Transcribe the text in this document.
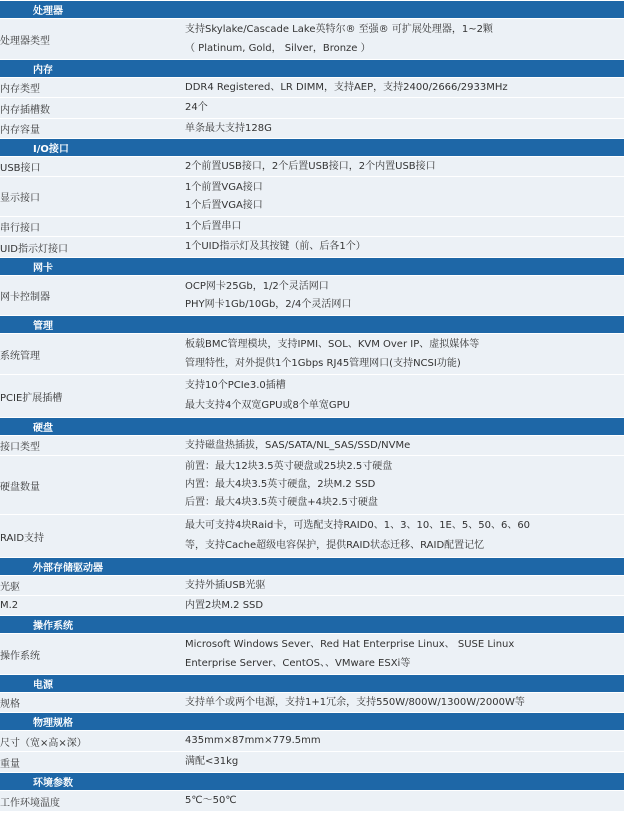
处理器	
处理器类型	支持Skylake/Cascade Lake英特尔® 至强® 可扩展处理器，1~2颗
（ Platinum, Gold， Silver，Bronze ）

内存	
内存类型	DDR4 Registered、LR DIMM，支持AEP，支持2400/2666/2933MHz

内存插槽数	24个

内存容量	单条最大支持128G

I/O接口	
USB接口	2个前置USB接口，2个后置USB接口，2个内置USB接口

显示接口	1个前置VGA接口
1个后置VGA接口

串行接口	1个后置串口

UID指示灯接口	1个UID指示灯及其按键（前、后各1个）

网卡	
网卡控制器	OCP网卡25Gb，1/2个灵活网口
PHY网卡1Gb/10Gb，2/4个灵活网口

管理	
系统管理	板载BMC管理模块，支持IPMI、SOL、KVM Over IP、虚拟媒体等
管理特性，对外提供1个1Gbps RJ45管理网口(支持NCSI功能)

PCIE扩展插槽	支持10个PCIe3.0插槽
最大支持4个双宽GPU或8个单宽GPU

硬盘	
接口类型	支持磁盘热插拔，SAS/SATA/NL_SAS/SSD/NVMe

硬盘数量	前置：最大12块3.5英寸硬盘或25块2.5寸硬盘
内置：最大4块3.5英寸硬盘，2块M.2 SSD
后置：最大4块3.5英寸硬盘+4块2.5寸硬盘

RAID支持	最大可支持4块Raid卡，可选配支持RAID0、1、3、10、1E、5、50、6、60
等，支持Cache超级电容保护，提供RAID状态迁移、RAID配置记忆

外部存储驱动器	
光驱	支持外插USB光驱

M.2	内置2块M.2 SSD

操作系统	
操作系统	Microsoft Windows Sever、Red Hat Enterprise Linux、 SUSE Linux
Enterprise Server、CentOS、、VMware ESXi等

电源	
规格	支持单个或两个电源，支持1+1冗余，支持550W/800W/1300W/2000W等

物理规格	
尺寸（宽×高×深）	435mm×87mm×779.5mm

重量	满配<31kg

环境参数	
工作环境温度	5℃～50℃
